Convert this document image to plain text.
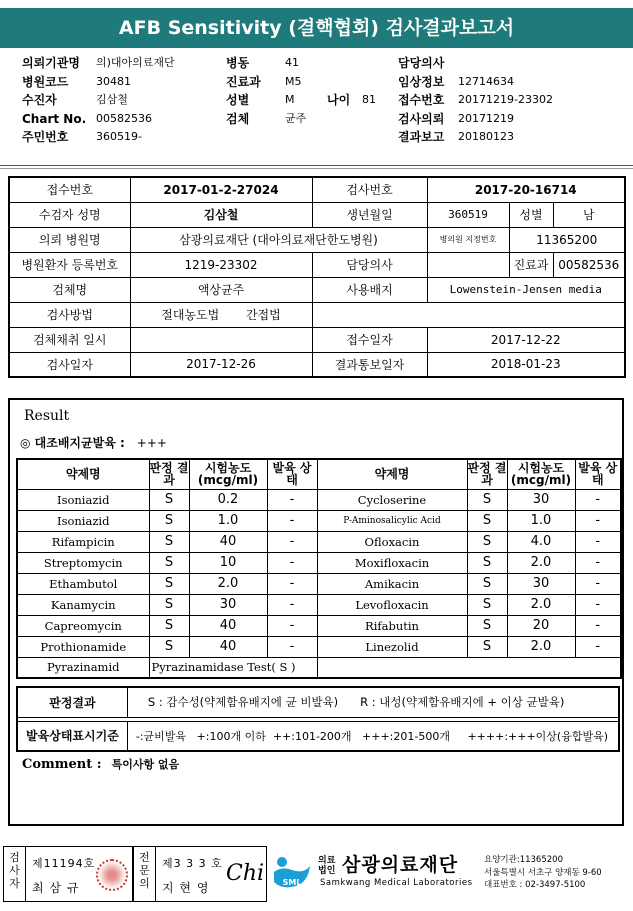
AFB Sensitivity (결핵협회) 검사결과보고서
의뢰기관명 의)대아의료재단	병동	41	담당의사
병원코드	30481	진료과 M5	임상정보 12714634
수진자	김삼철	성별	M	나이 81 접수번호 20171219-23302
Chart No. 00582536	검체	균주	검사의뢰 20171219
주민번호	360519-	결과보고 20180123
접수번호	2017-01-2-27024	검사번호	2017-20-16714		
수검자 성명	김삼철	생년월일	360519	성별	남
의뢰 병원명	삼광의료재단 (대아의료재단한도병원)		병의원 지정번호	11365200	
병원환자 등록번호	1219-23302	담당의사		진료과	00582536
검체명	액상균주	사용배지	Lowenstein-Jensen media		
검사방법	절대농도법 간접법				
검체채취 일시		접수일자	2017-12-22		
검사일자	2017-12-26	결과통보일자	2018-01-23		
Result
◎ 대조배지균발육 : +++
약제명	판정 결과	시험농도 (mcg/ml)	발육 상태	약제명	판정 결과	시험농도 (mcg/ml)	발육 상태
Isoniazid	S	0.2	-	Cycloserine	S	30	-
Isoniazid	S	1.0	-	P-Aminosalicylic Acid	S	1.0	-
Rifampicin	S	40	-	Ofloxacin	S	4.0	-
Streptomycin	S	10	-	Moxifloxacin	S	2.0	-
Ethambutol	S	2.0	-	Amikacin	S	30	-
Kanamycin	S	30	-	Levofloxacin	S	2.0	-
Capreomycin	S	40	-	Rifabutin	S	20	-
Prothionamide	S	40	-	Linezolid	S	2.0	-
Pyrazinamid	Pyrazinamidase Test( S )						
판정결과	S : 감수성(약제함유배지에 균 비발육)      R : 내성(약제함유배지에 + 이상 균발육)

발육상태표시기준	-:균비발육   +:100개 이하  ++:101-200개   +++:201-500개     ++++:+++이상(융합발육)
Comment : 특이사항 없음
검사자
제11194호
최 삼 규
전문의
제3 3 3 호
지 현 영
Chi SML
의료
법인 삼광의료재단
Samkwang Medical Laboratories
요양기관:11365200
서울특별시 서초구 양재동 9-60
대표번호 : 02-3497-5100
